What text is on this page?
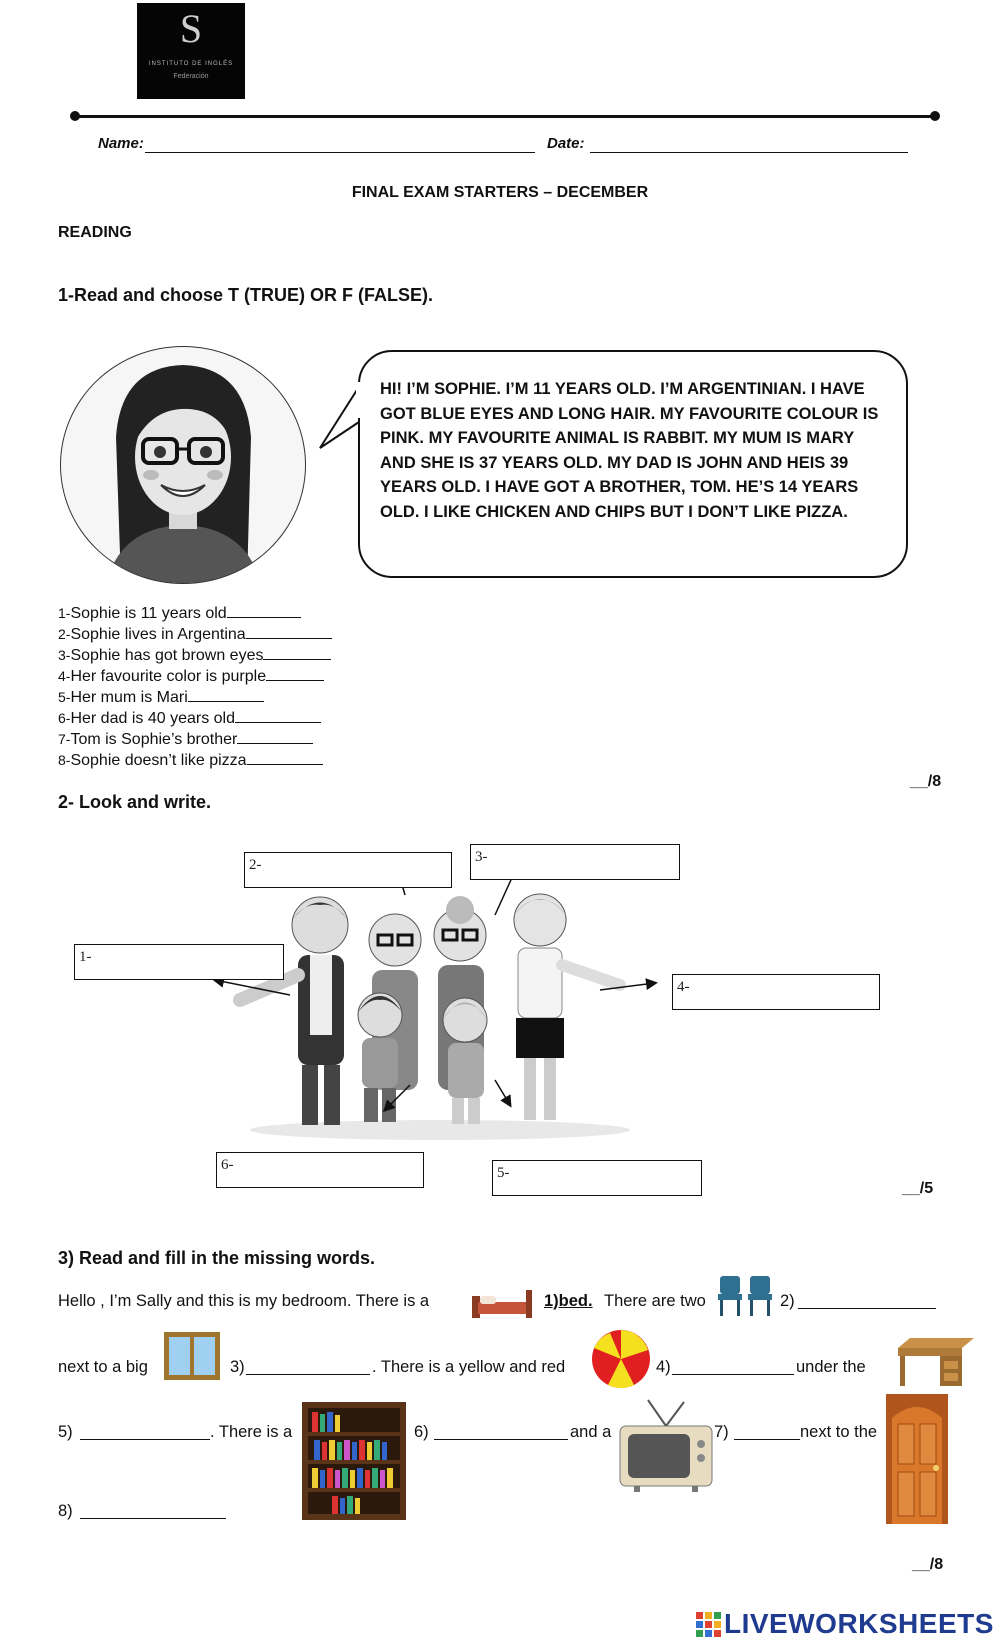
S
INSTITUTO DE INGLÉS
Federación
Name:	Date:
FINAL EXAM STARTERS – DECEMBER
READING
1-Read and choose T (TRUE) OR F (FALSE).
HI! I’M SOPHIE. I’M 11 YEARS OLD. I’M ARGENTINIAN. I HAVE GOT BLUE EYES AND LONG HAIR. MY FAVOURITE COLOUR IS PINK. MY FAVOURITE ANIMAL IS RABBIT. MY MUM IS MARY AND SHE IS 37 YEARS OLD. MY DAD IS JOHN AND HEIS 39 YEARS OLD. I HAVE GOT A BROTHER, TOM. HE’S 14 YEARS OLD. I LIKE CHICKEN AND CHIPS BUT I DON’T LIKE PIZZA.
1-Sophie is 11 years old
2-Sophie lives in Argentina
3-Sophie has got brown eyes
4-Her favourite color is purple
5-Her mum is Mari
6-Her dad is 40 years old
7-Tom is Sophie’s brother
8-Sophie doesn’t like pizza
__/8
2- Look and write.
1-
2-	3-
4-
5-
6-
__/5
3) Read and fill in the missing words.
Hello , I’m Sally and this is my bedroom. There is a	1)bed. There are two	2)
next to a big	3)	. There is a yellow and red	4)	under the
5)	. There is a	6)	and a	7)	next to the
8)
__/8
LIVEWORKSHEETS
